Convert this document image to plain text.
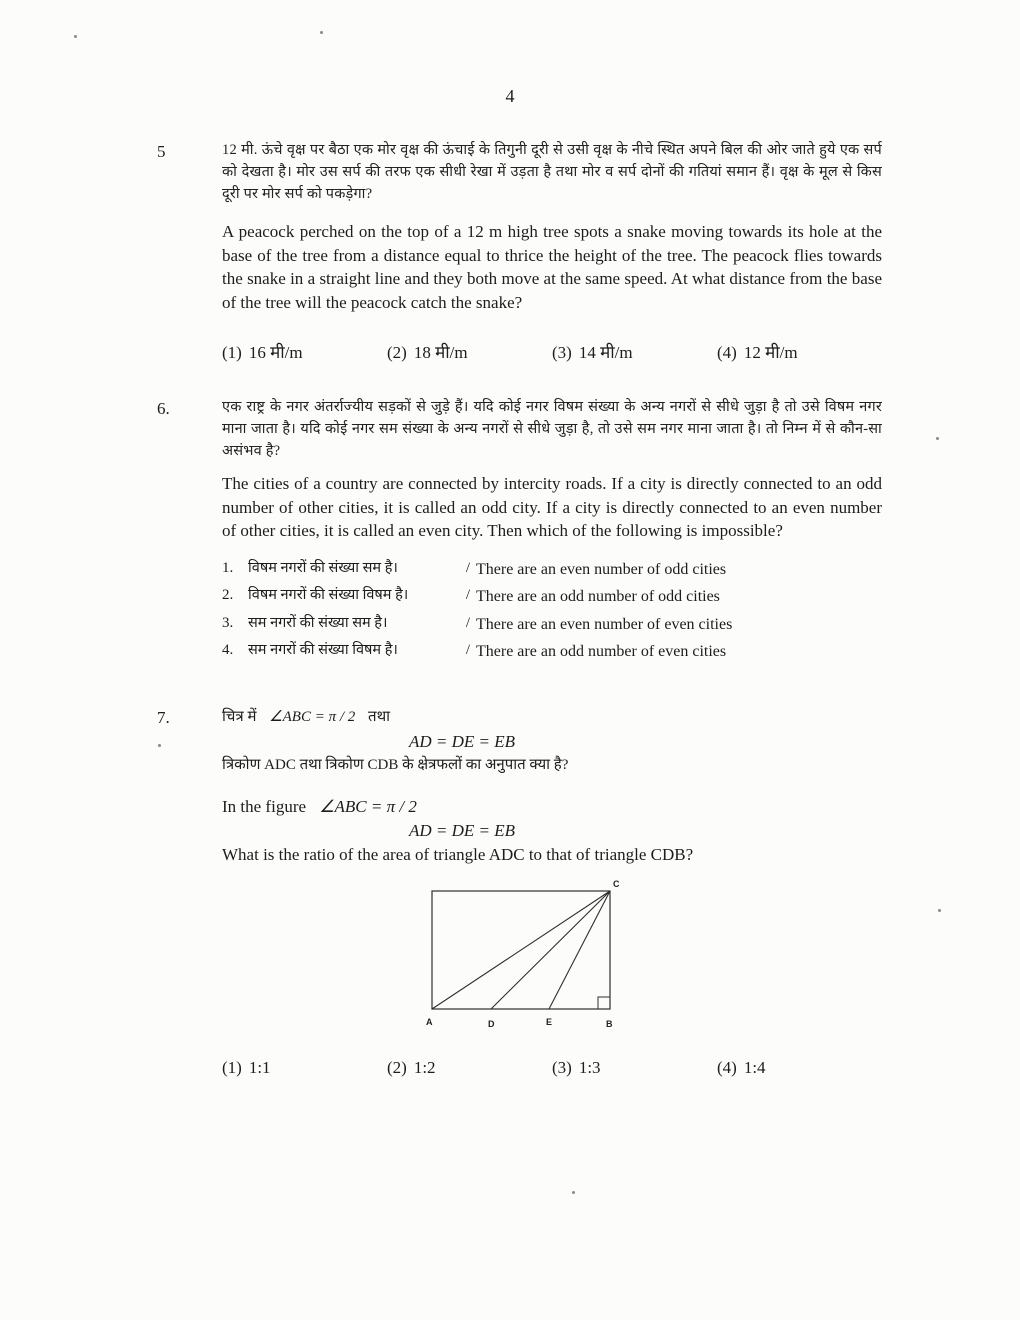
4
5	12 मी. ऊंचे वृक्ष पर बैठा एक मोर वृक्ष की ऊंचाई के तिगुनी दूरी से उसी वृक्ष के नीचे स्थित अपने बिल की ओर जाते हुये एक सर्प को देखता है। मोर उस सर्प की तरफ एक सीधी रेखा में उड़ता है तथा मोर व सर्प दोनों की गतियां समान हैं। वृक्ष के मूल से किस दूरी पर मोर सर्प को पकड़ेगा?

A peacock perched on the top of a 12 m high tree spots a snake moving towards its hole at the base of the tree from a distance equal to thrice the height of the tree. The peacock flies towards the snake in a straight line and they both move at the same speed. At what distance from the base of the tree will the peacock catch the snake?

(1) 16 मी/m	(2) 18 मी/m	(3) 14 मी/m	(4) 12 मी/m
6.	एक राष्ट्र के नगर अंतर्राज्यीय सड़कों से जुड़े हैं। यदि कोई नगर विषम संख्या के अन्य नगरों से सीधे जुड़ा है तो उसे विषम नगर माना जाता है। यदि कोई नगर सम संख्या के अन्य नगरों से सीधे जुड़ा है, तो उसे सम नगर माना जाता है। तो निम्न में से कौन-सा असंभव है?

The cities of a country are connected by intercity roads. If a city is directly connected to an odd number of other cities, it is called an odd city. If a city is directly connected to an even number of other cities, it is called an even city. Then which of the following is impossible?

1.	विषम नगरों की संख्या सम है।	/ There are an even number of odd cities
2.	विषम नगरों की संख्या विषम है।	/ There are an odd number of odd cities
3.	सम नगरों की संख्या सम है।	/ There are an even number of even cities
4.	सम नगरों की संख्या विषम है।	/ There are an odd number of even cities
7.	चित्र में ∠ABC = π / 2 तथा

AD = DE = EB

त्रिकोण ADC तथा त्रिकोण CDB के क्षेत्रफलों का अनुपात क्या है?

In the figure ∠ABC = π / 2

AD = DE = EB

What is the ratio of the area of triangle ADC to that of triangle CDB?

C
A	D	E	B
(1) 1:1	(2) 1:2	(3) 1:3	(4) 1:4
